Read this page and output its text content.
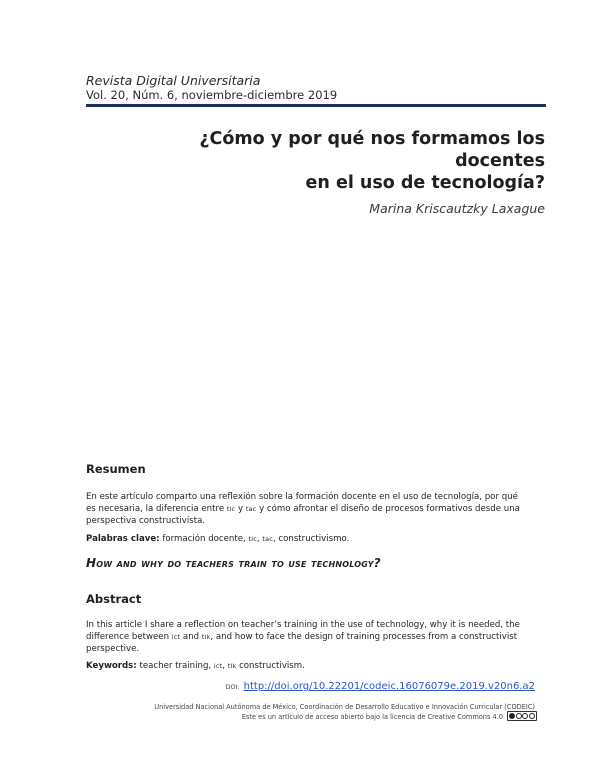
Revista Digital Universitaria
Vol. 20, Núm. 6, noviembre-diciembre 2019
¿Cómo y por qué nos formamos los docentes
en el uso de tecnología?
Marina Kriscautzky Laxague
Resumen
En este artículo comparto una reflexión sobre la formación docente en el uso de tecnología, por qué
es necesaria, la diferencia entre tic y tac y cómo afrontar el diseño de procesos formativos desde una
perspectiva constructivista.
Palabras clave: formación docente, tic, tac, constructivismo.
How and why do teachers train to use technology?
Abstract
In this article I share a reflection on teacher’s training in the use of technology, why it is needed, the
difference between ict and tlk, and how to face the design of training processes from a constructivist
perspective.
Keywords: teacher training, ict, tlk constructivism.
DOI: http://doi.org/10.22201/codeic.16076079e.2019.v20n6.a2
Universidad Nacional Autónoma de México, Coordinación de Desarrollo Educativo e Innovación Curricular (CODEIC)
Este es un artículo de acceso abierto bajo la licencia de Creative Commons 4.0
